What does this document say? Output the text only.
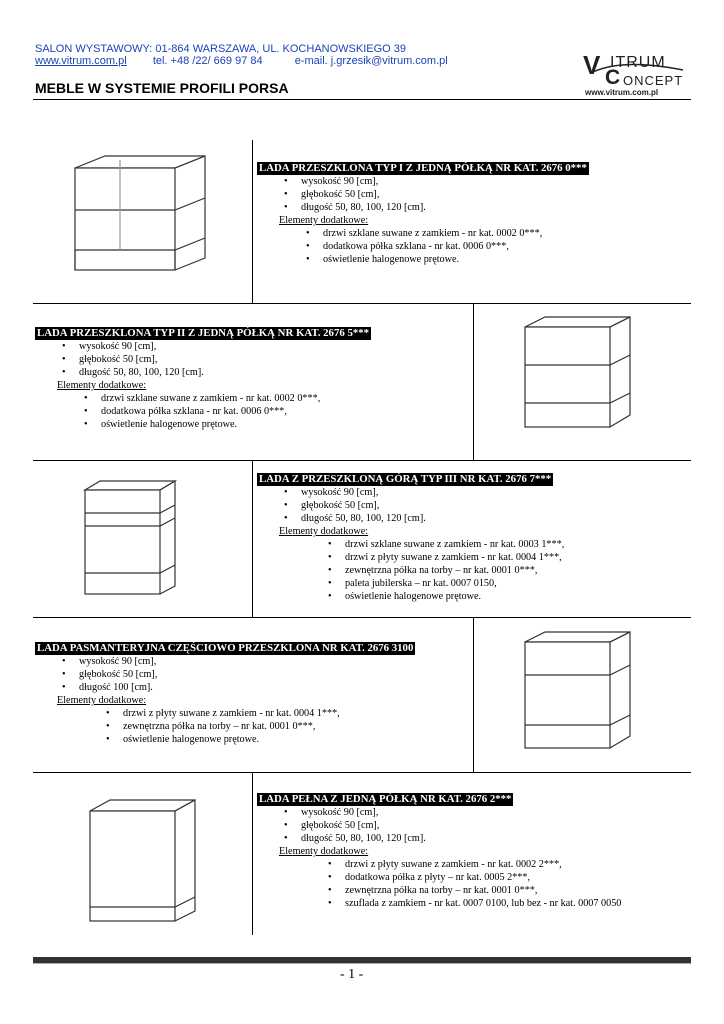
SALON WYSTAWOWY: 01-864 WARSZAWA, UL. KOCHANOWSKIEGO 39
www.vitrum.com.pl tel. +48 /22/ 669 97 84	e-mail. j.grzesik@vitrum.com.pl	V ITRUM
C ONCEPT
www.vitrum.com.pl
MEBLE W SYSTEMIE PROFILI PORSA
LADA PRZESZKLONA TYP I Z JEDNĄ PÓŁKĄ NR KAT. 2676 0***
• wysokość 90 [cm],
• głębokość 50 [cm],
• długość 50, 80, 100, 120 [cm].
Elementy dodatkowe:
• drzwi szklane suwane z zamkiem - nr kat. 0002 0***,
• dodatkowa półka szklana - nr kat. 0006 0***,
• oświetlenie halogenowe prętowe.
LADA PRZESZKLONA TYP II Z JEDNĄ PÓŁKĄ NR KAT. 2676 5***
• wysokość 90 [cm],
• głębokość 50 [cm],
• długość 50, 80, 100, 120 [cm].
Elementy dodatkowe:
• drzwi szklane suwane z zamkiem - nr kat. 0002 0***,
• dodatkowa półka szklana - nr kat. 0006 0***,
• oświetlenie halogenowe prętowe.
LADA Z PRZESZKLONĄ GÓRĄ TYP III NR KAT. 2676 7***
• wysokość 90 [cm],
• głębokość 50 [cm],
• długość 50, 80, 100, 120 [cm].
Elementy dodatkowe:
• drzwi szklane suwane z zamkiem - nr kat. 0003 1***,
• drzwi z płyty suwane z zamkiem - nr kat. 0004 1***,
• zewnętrzna półka na torby – nr kat. 0001 0***,
• paleta jubilerska – nr kat. 0007 0150,
• oświetlenie halogenowe prętowe.
LADA PASMANTERYJNA CZĘŚCIOWO PRZESZKLONA NR KAT. 2676 3100
• wysokość 90 [cm],
• głębokość 50 [cm],
• długość 100 [cm].
Elementy dodatkowe:
• drzwi z płyty suwane z zamkiem - nr kat. 0004 1***,
• zewnętrzna półka na torby – nr kat. 0001 0***,
• oświetlenie halogenowe prętowe.
LADA PEŁNA Z JEDNĄ PÓŁKĄ NR KAT. 2676 2***
• wysokość 90 [cm],
• głębokość 50 [cm],
• długość 50, 80, 100, 120 [cm].
Elementy dodatkowe:
• drzwi z płyty suwane z zamkiem - nr kat. 0002 2***,
• dodatkowa półka z płyty – nr kat. 0005 2***,
• zewnętrzna półka na torby – nr kat. 0001 0***,
• szuflada z zamkiem - nr kat. 0007 0100, lub bez - nr kat. 0007 0050
- 1 -
